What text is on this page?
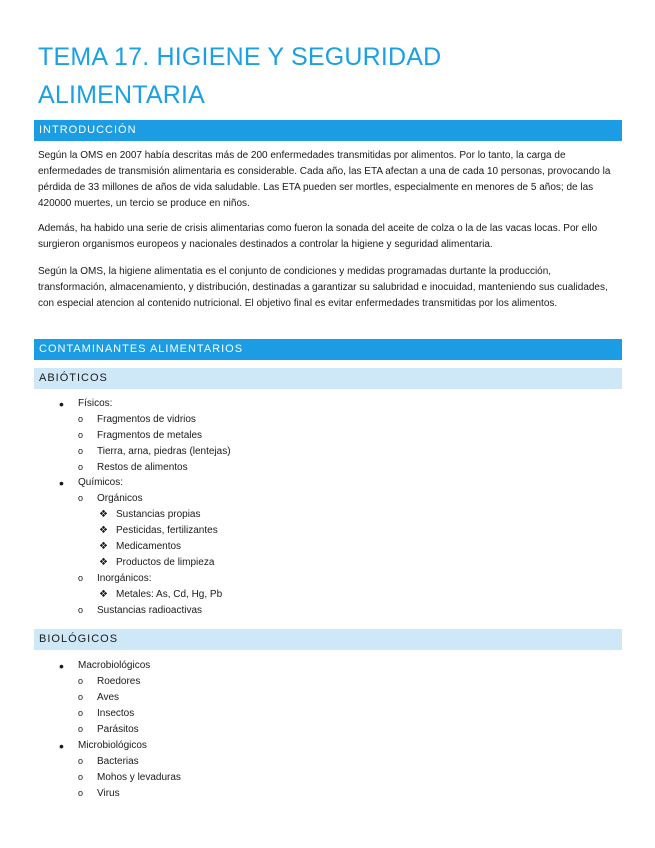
TEMA 17. HIGIENE Y SEGURIDAD ALIMENTARIA
INTRODUCCIÓN

Según la OMS en 2007 había descritas más de 200 enfermedades transmitidas por alimentos. Por lo tanto, la carga de enfermedades de transmisión alimentaria es considerable. Cada año, las ETA afectan a una de cada 10 personas, provocando la pérdida de 33 millones de años de vida saludable. Las ETA pueden ser mortles, especialmente en menores de 5 años; de las 420000 muertes, un tercio se produce en niños.

Además, ha habido una serie de crisis alimentarias como fueron la sonada del aceite de colza o la de las vacas locas. Por ello surgieron organismos europeos y nacionales destinados a controlar la higiene y seguridad alimentaria.

Según la OMS, la higiene alimentatia es el conjunto de condiciones y medidas programadas durtante la producción, transformación, almacenamiento, y distribución, destinadas a garantizar su salubridad e inocuidad, manteniendo sus cualidades, con especial atencion al contenido nutricional. El objetivo final es evitar enfermedades transmitidas por los alimentos.

CONTAMINANTES ALIMENTARIOS
ABIÓTICOS
• Físicos:
o Fragmentos de vidrios
o Fragmentos de metales
o Tierra, arna, piedras (lentejas)
o Restos de alimentos
• Químicos:
o Orgánicos
❖ Sustancias propias
❖ Pesticidas, fertilizantes
❖ Medicamentos
❖ Productos de limpieza
o Inorgánicos:
❖ Metales: As, Cd, Hg, Pb
o Sustancias radioactivas
BIOLÓGICOS
• Macrobiológicos
o Roedores
o Aves
o Insectos
o Parásitos
• Microbiológicos
o Bacterias
o Mohos y levaduras
o Virus
